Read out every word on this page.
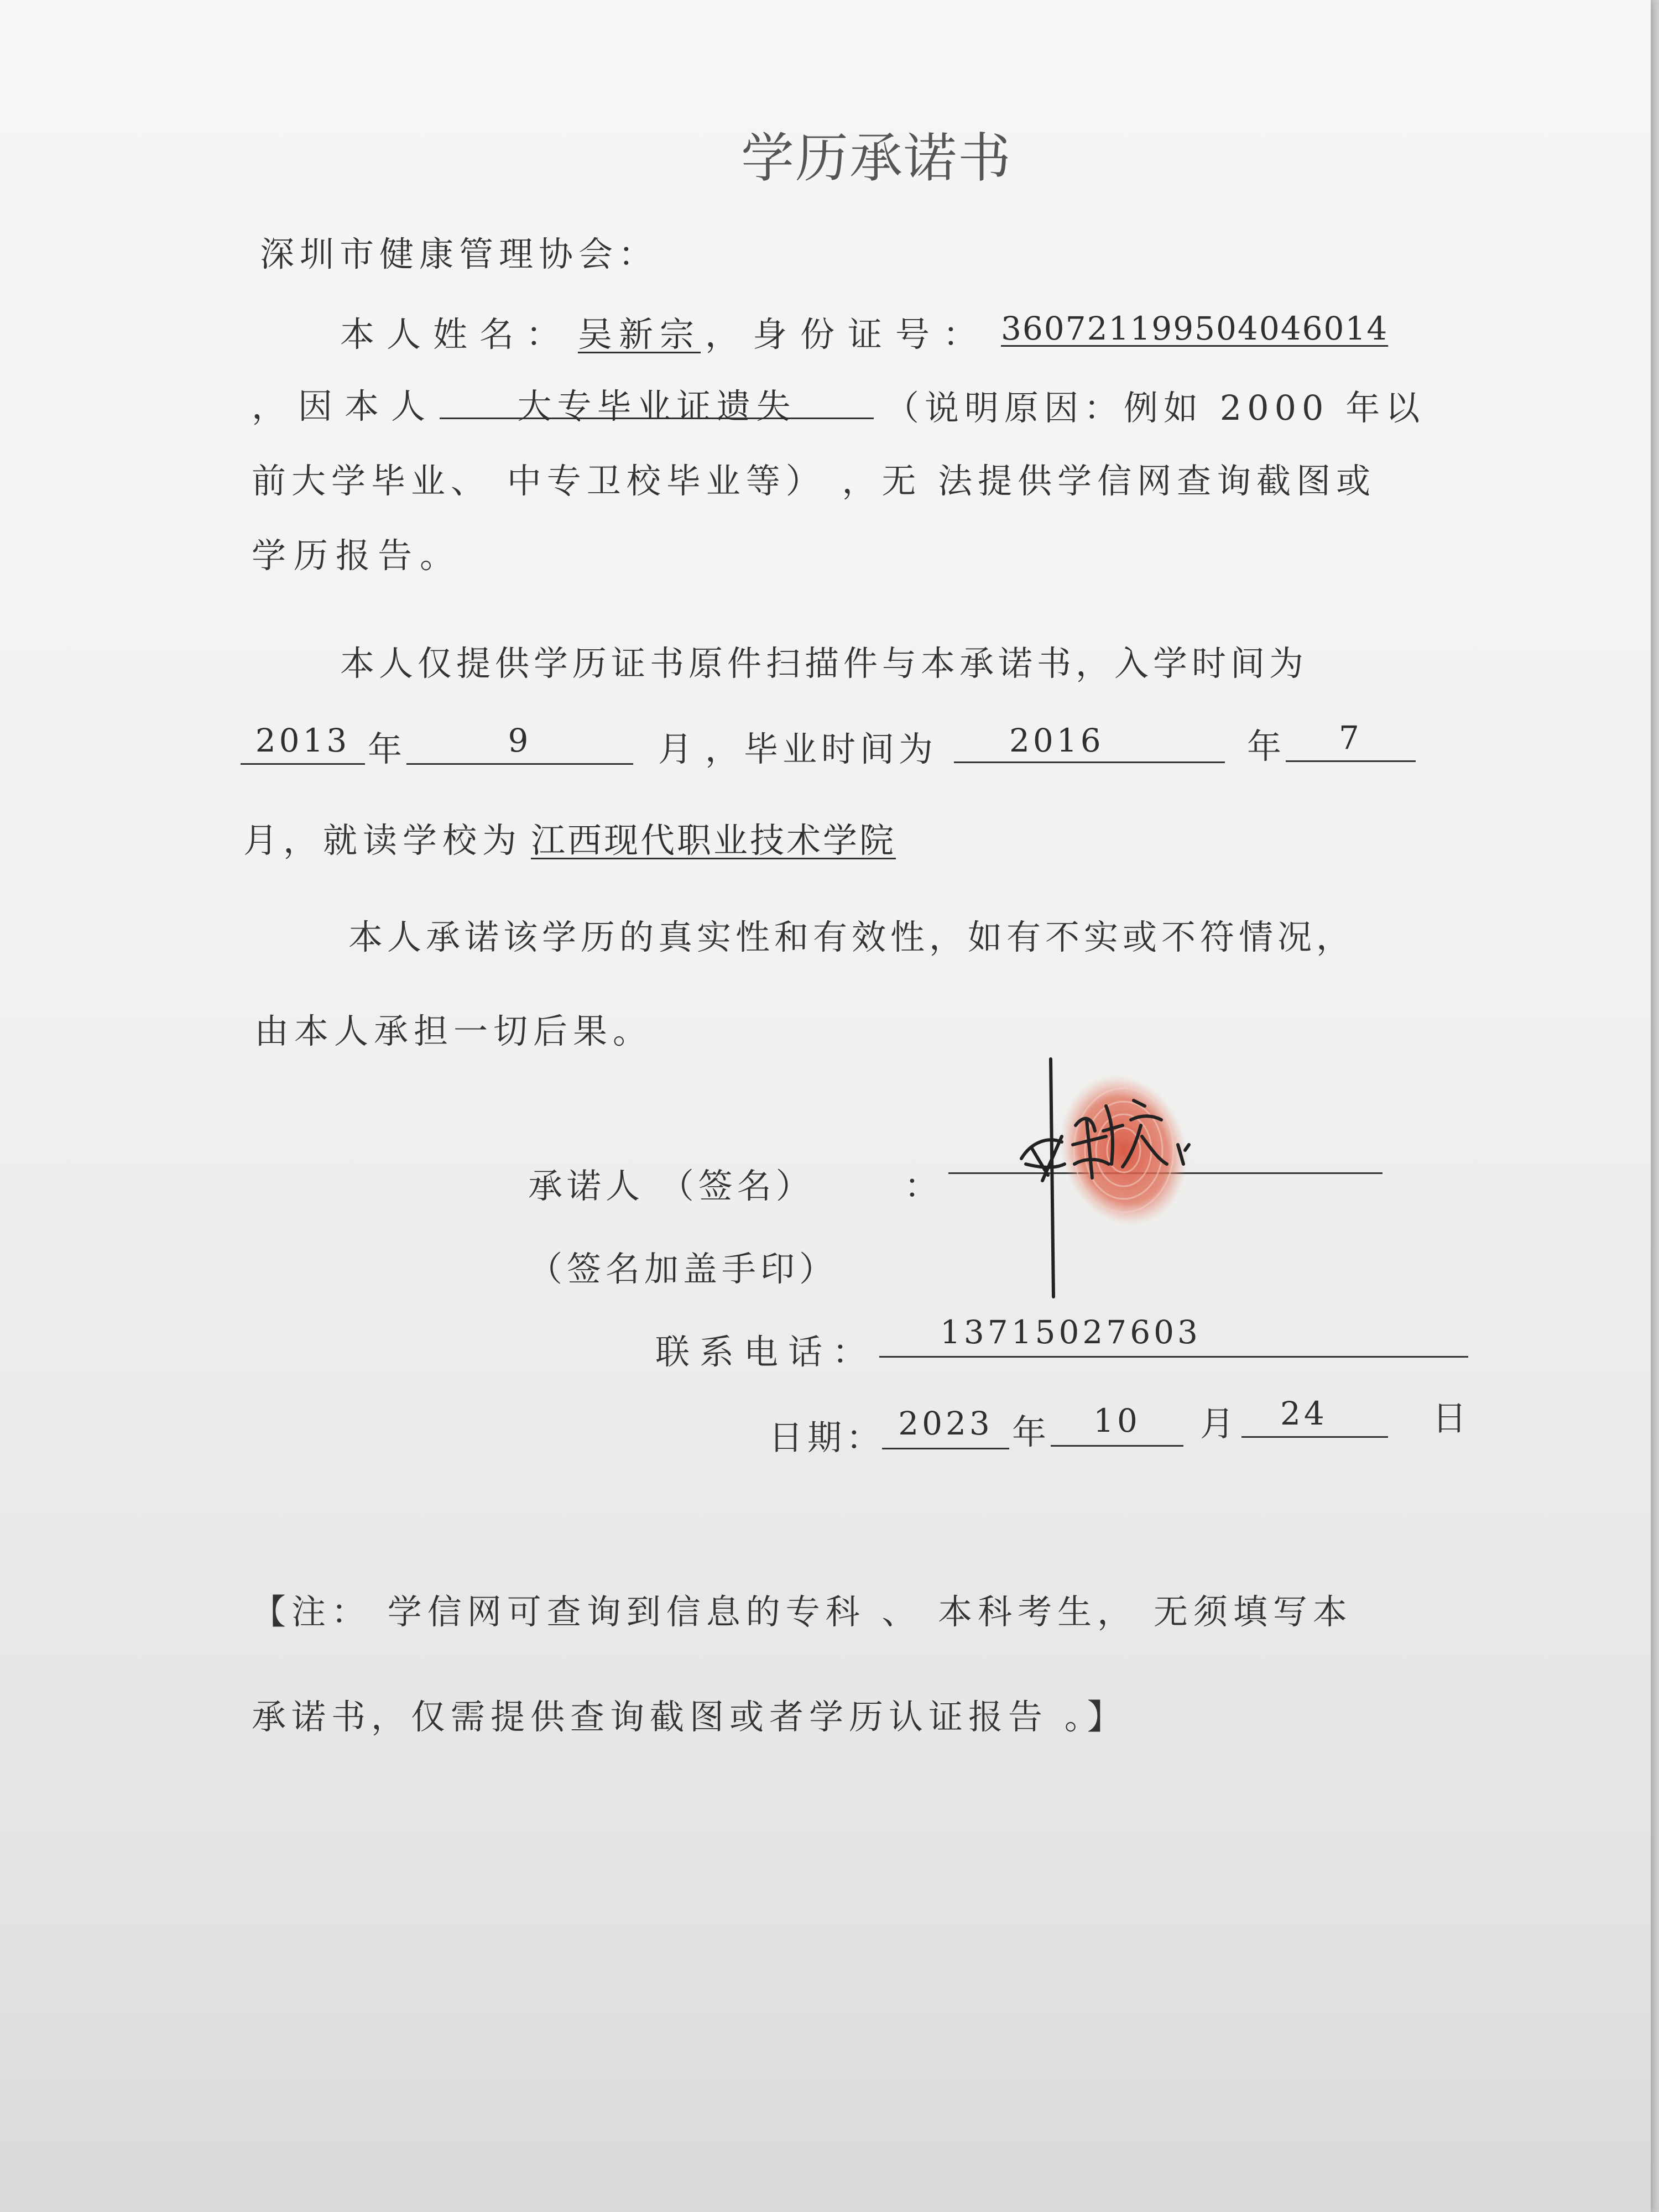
学历承诺书
深圳市健康管理协会：
本人姓名： 吴新宗 ，身份证号： 360721199504046014
，因本人	大专毕业证遗失	（说明原因：例如 2000 年以
前大学毕业、 中专卫校毕业等） ，无 法提供学信网查询截图或
学历报告。
本人仅提供学历证书原件扫描件与本承诺书，入学时间为
2013 年	9	月 ，毕业时间为	2016	年	7
月，就读学校为 江西现代职业技术学院
本人承诺该学历的真实性和有效性，如有不实或不符情况，
由本人承担一切后果。
承诺人 （签名）	：
（签名加盖手印）
联系电话：	13715027603
日期： 2023 年	10	月	24	日
【注： 学信网可查询到信息的专科 、 本科考生， 无须填写本
承诺书，仅需提供查询截图或者学历认证报告 。】
